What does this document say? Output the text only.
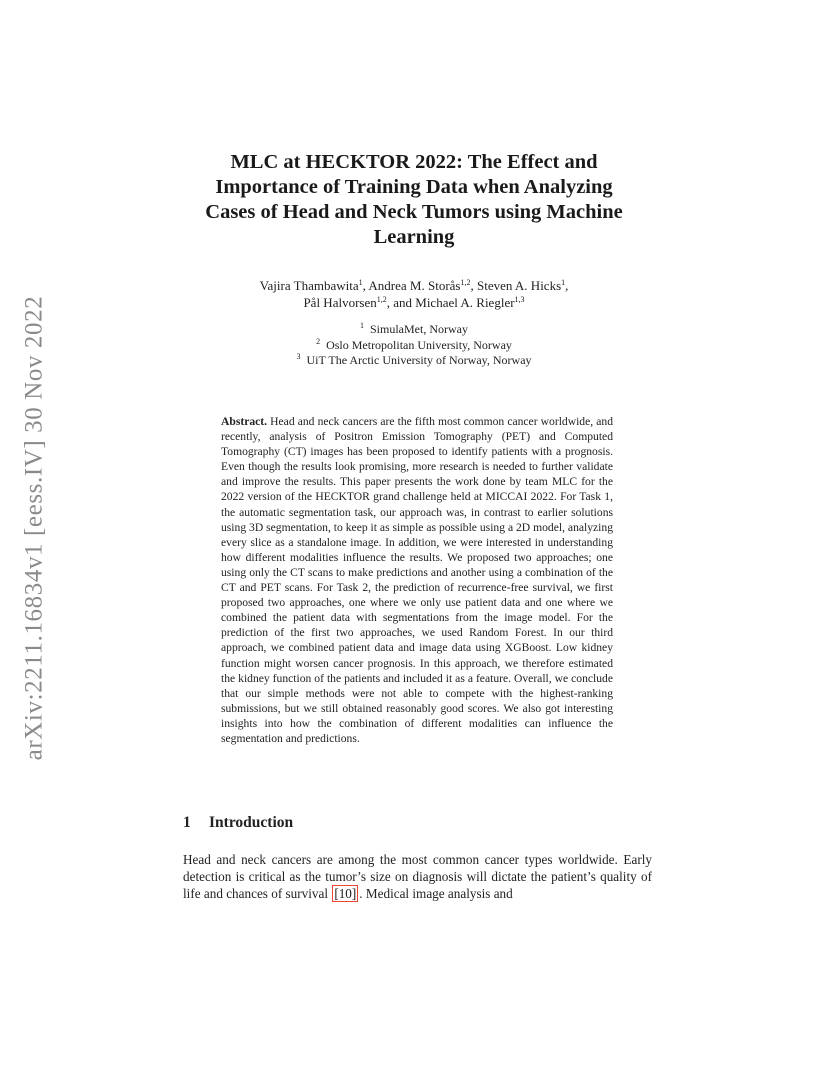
arXiv:2211.16834v1 [eess.IV] 30 Nov 2022
MLC at HECKTOR 2022: The Effect and
Importance of Training Data when Analyzing
Cases of Head and Neck Tumors using Machine
Learning
Vajira Thambawita$^1$, Andrea M. Storås$^{1,2}$, Steven A. Hicks$^1$,
Pål Halvorsen$^{1,2}$, and Michael A. Riegler$^{1,3}$
$^1$ SimulaMet, Norway
$^2$ Oslo Metropolitan University, Norway
$^3$ UiT The Arctic University of Norway, Norway

Abstract. Head and neck cancers are the fifth most common cancer worldwide, and recently, analysis of Positron Emission Tomography (PET) and Computed Tomography (CT) images has been proposed to identify patients with a prognosis. Even though the results look promising, more research is needed to further validate and improve the results. This paper presents the work done by team MLC for the 2022 version of the HECKTOR grand challenge held at MICCAI 2022. For Task 1, the automatic segmentation task, our approach was, in contrast to earlier solutions using 3D segmentation, to keep it as simple as possible using a 2D model, analyzing every slice as a standalone image. In addition, we were interested in understanding how different modalities influence the results. We proposed two approaches; one using only the CT scans to make predictions and another using a combination of the CT and PET scans. For Task 2, the prediction of recurrence-free survival, we first proposed two approaches, one where we only use patient data and one where we combined the patient data with segmentations from the image model. For the prediction of the first two approaches, we used Random Forest. In our third approach, we combined patient data and image data using XGBoost. Low kidney function might worsen cancer prognosis. In this approach, we therefore estimated the kidney function of the patients and included it as a feature. Overall, we conclude that our simple methods were not able to compete with the highest-ranking submissions, but we still obtained reasonably good scores. We also got interesting insights into how the combination of different modalities can influence the segmentation and predictions.

1 Introduction

Head and neck cancers are among the most common cancer types worldwide. Early detection is critical as the tumor’s size on diagnosis will dictate the patient’s quality of life and chances of survival [10] . Medical image analysis and
